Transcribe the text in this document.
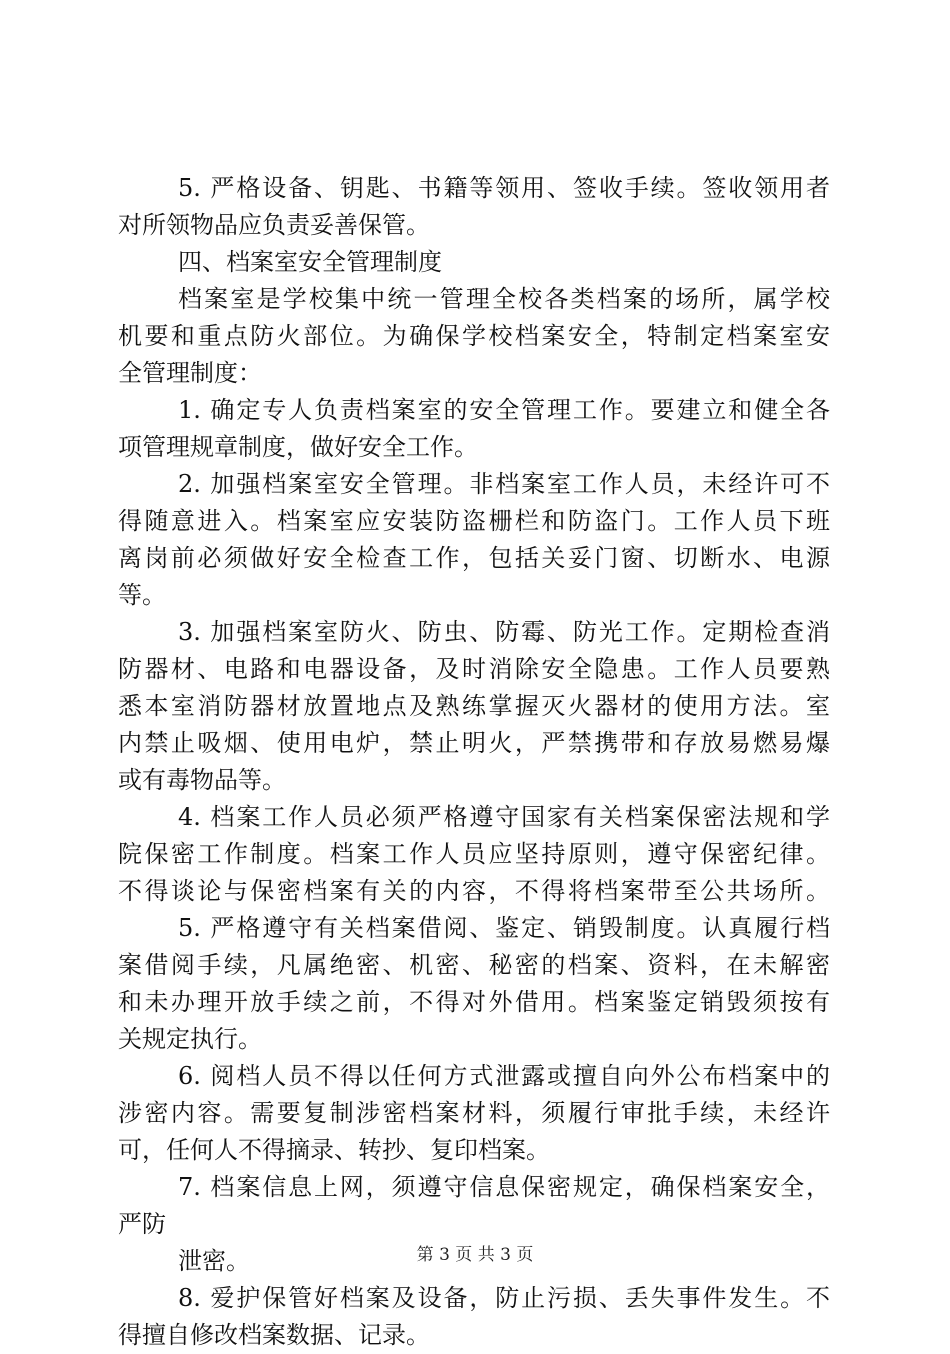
5. 严格设备、钥匙、书籍等领用、签收手续。签收领用者
对所领物品应负责妥善保管。
四、档案室安全管理制度
档案室是学校集中统一管理全校各类档案的场所，属学校
机要和重点防火部位。为确保学校档案安全，特制定档案室安
全管理制度：
1. 确定专人负责档案室的安全管理工作。要建立和健全各
项管理规章制度，做好安全工作。
2. 加强档案室安全管理。非档案室工作人员，未经许可不
得随意进入。档案室应安装防盗栅栏和防盗门。工作人员下班
离岗前必须做好安全检查工作，包括关妥门窗、切断水、电源
等。
3. 加强档案室防火、防虫、防霉、防光工作。定期检查消
防器材、电路和电器设备，及时消除安全隐患。工作人员要熟
悉本室消防器材放置地点及熟练掌握灭火器材的使用方法。室
内禁止吸烟、使用电炉，禁止明火，严禁携带和存放易燃易爆
或有毒物品等。
4. 档案工作人员必须严格遵守国家有关档案保密法规和学
院保密工作制度。档案工作人员应坚持原则，遵守保密纪律。
不得谈论与保密档案有关的内容，不得将档案带至公共场所。
5. 严格遵守有关档案借阅、鉴定、销毁制度。认真履行档
案借阅手续，凡属绝密、机密、秘密的档案、资料，在未解密
和未办理开放手续之前，不得对外借用。档案鉴定销毁须按有
关规定执行。
6. 阅档人员不得以任何方式泄露或擅自向外公布档案中的
涉密内容。需要复制涉密档案材料，须履行审批手续，未经许
可，任何人不得摘录、转抄、复印档案。
7. 档案信息上网，须遵守信息保密规定，确保档案安全，
严防
泄密。
8. 爱护保管好档案及设备，防止污损、丢失事件发生。不
得擅自修改档案数据、记录。
第 3 页 共 3 页
